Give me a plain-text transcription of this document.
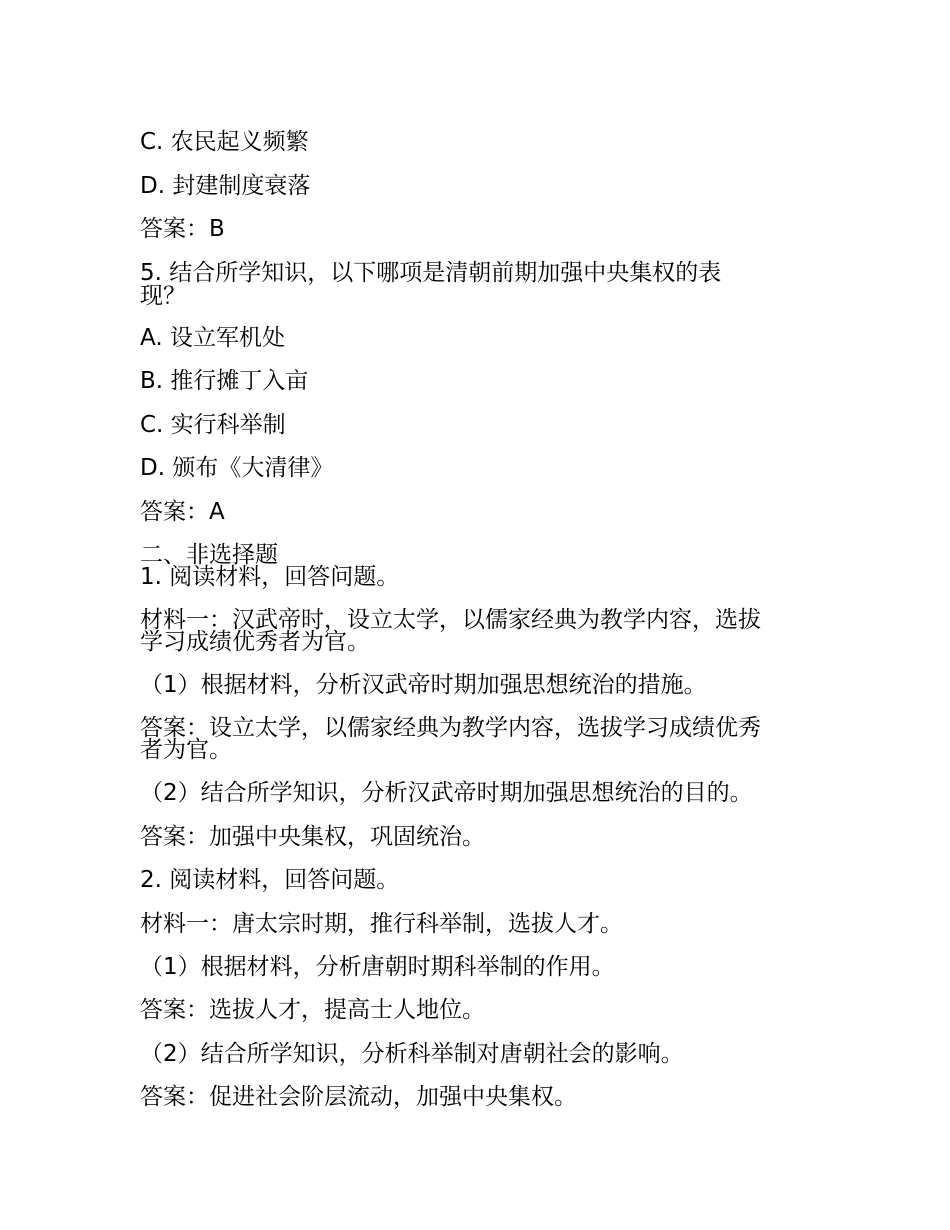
C. 农民起义频繁
D. 封建制度衰落
答案：B
5. 结合所学知识，以下哪项是清朝前期加强中央集权的表
现？
A. 设立军机处
B. 推行摊丁入亩
C. 实行科举制
D. 颁布《大清律》
答案：A
二、非选择题
1. 阅读材料，回答问题。
材料一：汉武帝时，设立太学，以儒家经典为教学内容，选拔
学习成绩优秀者为官。
（1）根据材料，分析汉武帝时期加强思想统治的措施。
答案：设立太学，以儒家经典为教学内容，选拔学习成绩优秀
者为官。
（2）结合所学知识，分析汉武帝时期加强思想统治的目的。
答案：加强中央集权，巩固统治。
2. 阅读材料，回答问题。
材料一：唐太宗时期，推行科举制，选拔人才。
（1）根据材料，分析唐朝时期科举制的作用。
答案：选拔人才，提高士人地位。
（2）结合所学知识，分析科举制对唐朝社会的影响。
答案：促进社会阶层流动，加强中央集权。
